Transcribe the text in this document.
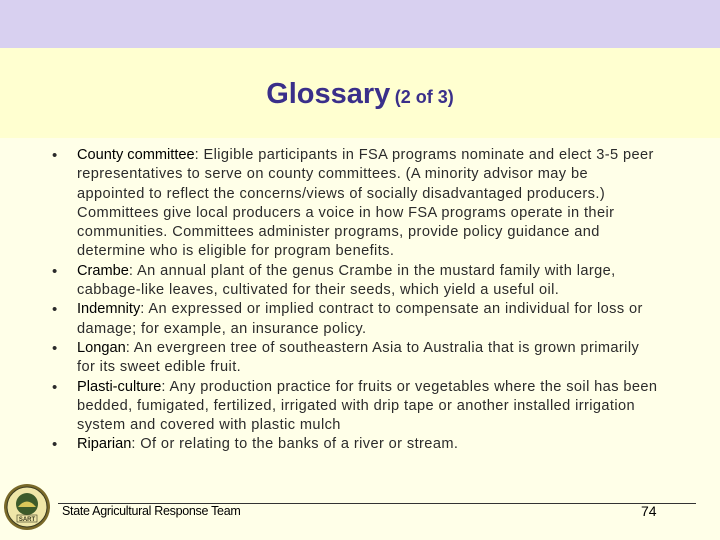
Glossary (2 of 3)
• County committee: Eligible participants in FSA programs nominate and elect 3-5 peer representatives to serve on county committees. (A minority advisor may be appointed to reflect the concerns/views of socially disadvantaged producers.) Committees give local producers a voice in how FSA programs operate in their communities. Committees administer programs, provide policy guidance and determine who is eligible for program benefits.
• Crambe: An annual plant of the genus Crambe in the mustard family with large, cabbage-like leaves, cultivated for their seeds, which yield a useful oil.
• Indemnity: An expressed or implied contract to compensate an individual for loss or damage; for example, an insurance policy.
• Longan: An evergreen tree of southeastern Asia to Australia that is grown primarily for its sweet edible fruit.
• Plasti-culture: Any production practice for fruits or vegetables where the soil has been bedded, fumigated, fertilized, irrigated with drip tape or another installed irrigation system and covered with plastic mulch
• Riparian: Of or relating to the banks of a river or stream.
SART
State Agricultural Response Team	74
